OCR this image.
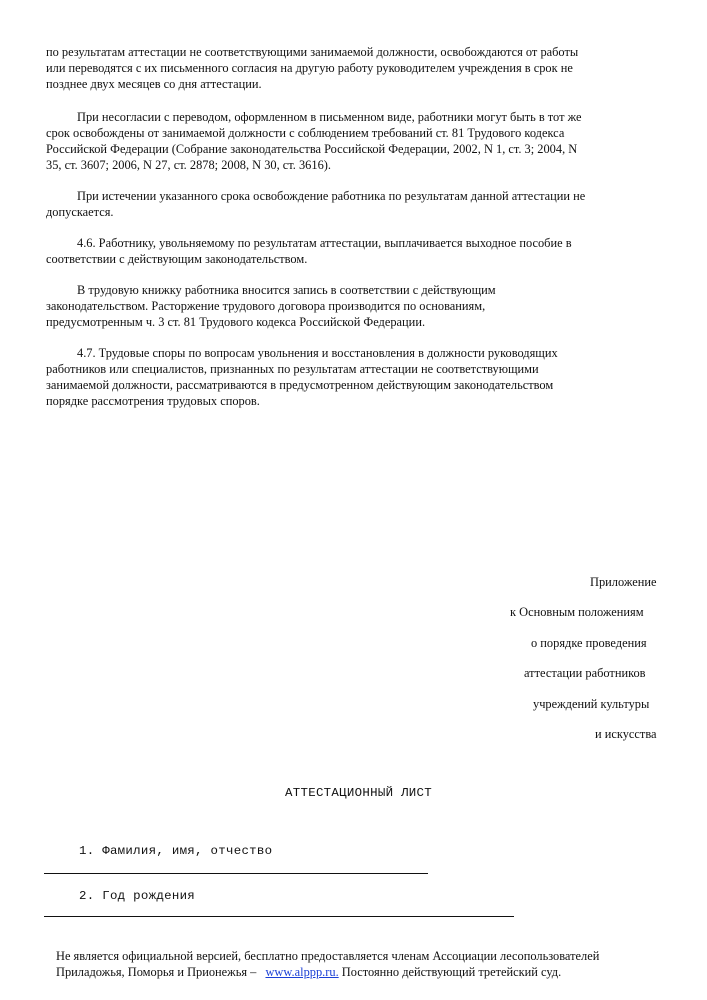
по результатам аттестации не соответствующими занимаемой должности, освобождаются от работы
или переводятся с их письменного согласия на другую работу руководителем учреждения в срок не
позднее двух месяцев со дня аттестации.
При несогласии с переводом, оформленном в письменном виде, работники могут быть в тот же
срок освобождены от занимаемой должности с соблюдением требований ст. 81 Трудового кодекса
Российской Федерации (Собрание законодательства Российской Федерации, 2002, N 1, ст. 3; 2004, N
35, ст. 3607; 2006, N 27, ст. 2878; 2008, N 30, ст. 3616).
При истечении указанного срока освобождение работника по результатам данной аттестации не
допускается.
4.6. Работнику, увольняемому по результатам аттестации, выплачивается выходное пособие в
соответствии с действующим законодательством.
В трудовую книжку работника вносится запись в соответствии с действующим
законодательством. Расторжение трудового договора производится по основаниям,
предусмотренным ч. 3 ст. 81 Трудового кодекса Российской Федерации.
4.7. Трудовые споры по вопросам увольнения и восстановления в должности руководящих
работников или специалистов, признанных по результатам аттестации не соответствующими
занимаемой должности, рассматриваются в предусмотренном действующим законодательством
порядке рассмотрения трудовых споров.
Приложение
к Основным положениям
о порядке проведения
аттестации работников
учреждений культуры
и искусства
АТТЕСТАЦИОННЫЙ ЛИСТ
1. Фамилия, имя, отчество
2. Год рождения
Не является официальной версией, бесплатно предоставляется членам Ассоциации лесопользователей
Приладожья, Поморья и Прионежья – www.alppp.ru. Постоянно действующий третейский суд.
